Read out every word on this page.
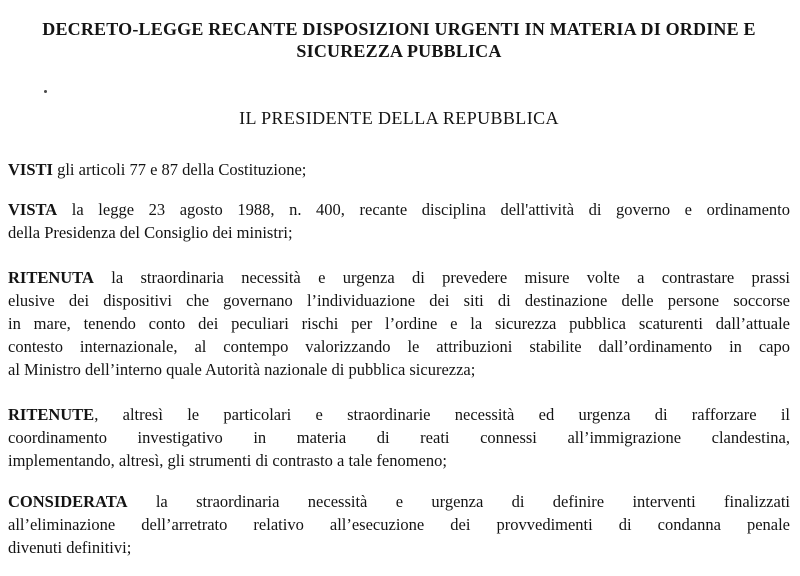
DECRETO-LEGGE RECANTE DISPOSIZIONI URGENTI IN MATERIA DI ORDINE E
SICUREZZA PUBBLICA
IL PRESIDENTE DELLA REPUBBLICA
VISTI gli articoli 77 e 87 della Costituzione;
VISTA la legge 23 agosto 1988, n. 400, recante disciplina dell'attività di governo e ordinamento
della Presidenza del Consiglio dei ministri;
RITENUTA la straordinaria necessità e urgenza di prevedere misure volte a contrastare prassi
elusive dei dispositivi che governano l’individuazione dei siti di destinazione delle persone soccorse
in mare, tenendo conto dei peculiari rischi per l’ordine e la sicurezza pubblica scaturenti dall’attuale
contesto internazionale, al contempo valorizzando le attribuzioni stabilite dall’ordinamento in capo
al Ministro dell’interno quale Autorità nazionale di pubblica sicurezza;
RITENUTE, altresì le particolari e straordinarie necessità ed urgenza di rafforzare il
coordinamento investigativo in materia di reati connessi all’immigrazione clandestina,
implementando, altresì, gli strumenti di contrasto a tale fenomeno;
CONSIDERATA la straordinaria necessità e urgenza di definire interventi finalizzati
all’eliminazione dell’arretrato relativo all’esecuzione dei provvedimenti di condanna penale
divenuti definitivi;
